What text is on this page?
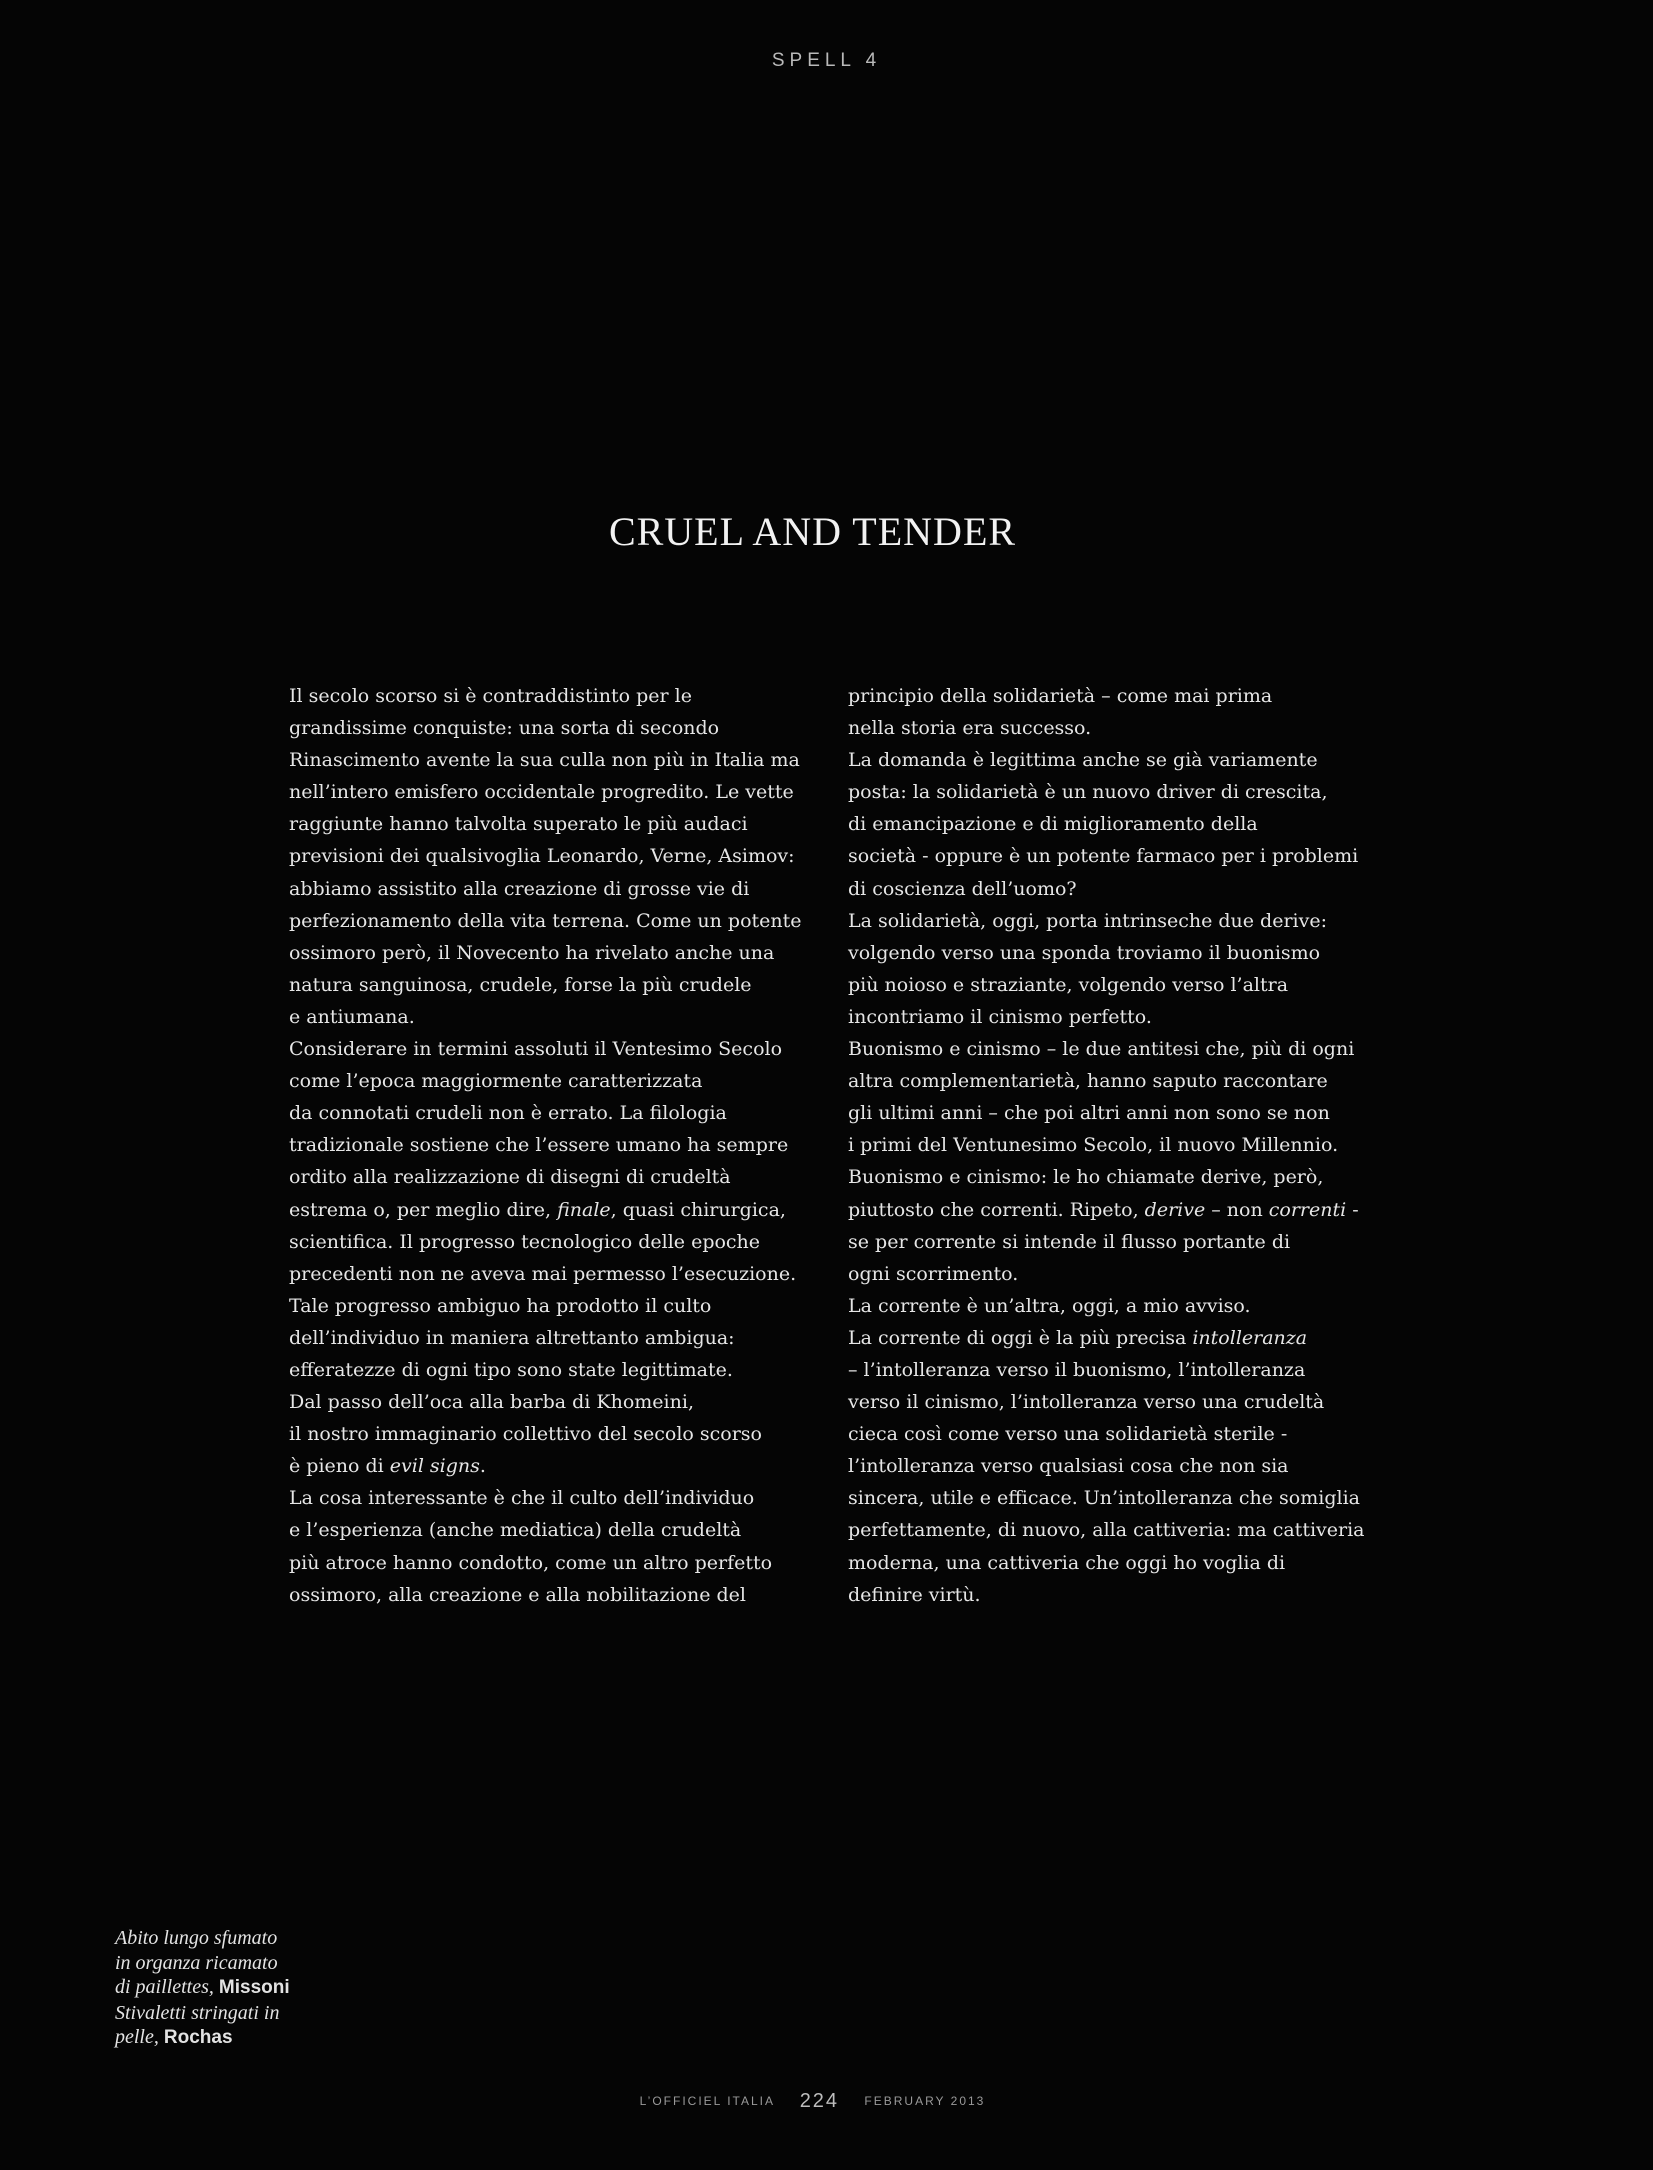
SPELL 4
CRUEL AND TENDER
Il secolo scorso si è contraddistinto per le
grandissime conquiste: una sorta di secondo
Rinascimento avente la sua culla non più in Italia ma
nell’intero emisfero occidentale progredito. Le vette
raggiunte hanno talvolta superato le più audaci
previsioni dei qualsivoglia Leonardo, Verne, Asimov:
abbiamo assistito alla creazione di grosse vie di
perfezionamento della vita terrena. Come un potente
ossimoro però, il Novecento ha rivelato anche una
natura sanguinosa, crudele, forse la più crudele
e antiumana.
Considerare in termini assoluti il Ventesimo Secolo
come l’epoca maggiormente caratterizzata
da connotati crudeli non è errato. La filologia
tradizionale sostiene che l’essere umano ha sempre
ordito alla realizzazione di disegni di crudeltà
estrema o, per meglio dire, finale, quasi chirurgica,
scientifica. Il progresso tecnologico delle epoche
precedenti non ne aveva mai permesso l’esecuzione.
Tale progresso ambiguo ha prodotto il culto
dell’individuo in maniera altrettanto ambigua:
efferatezze di ogni tipo sono state legittimate.
Dal passo dell’oca alla barba di Khomeini,
il nostro immaginario collettivo del secolo scorso
è pieno di evil signs.
La cosa interessante è che il culto dell’individuo
e l’esperienza (anche mediatica) della crudeltà
più atroce hanno condotto, come un altro perfetto
ossimoro, alla creazione e alla nobilitazione del
principio della solidarietà – come mai prima
nella storia era successo.
La domanda è legittima anche se già variamente
posta: la solidarietà è un nuovo driver di crescita,
di emancipazione e di miglioramento della
società - oppure è un potente farmaco per i problemi
di coscienza dell’uomo?
La solidarietà, oggi, porta intrinseche due derive:
volgendo verso una sponda troviamo il buonismo
più noioso e straziante, volgendo verso l’altra
incontriamo il cinismo perfetto.
Buonismo e cinismo – le due antitesi che, più di ogni
altra complementarietà, hanno saputo raccontare
gli ultimi anni – che poi altri anni non sono se non
i primi del Ventunesimo Secolo, il nuovo Millennio.
Buonismo e cinismo: le ho chiamate derive, però,
piuttosto che correnti. Ripeto, derive – non correnti -
se per corrente si intende il flusso portante di
ogni scorrimento.
La corrente è un’altra, oggi, a mio avviso.
La corrente di oggi è la più precisa intolleranza
– l’intolleranza verso il buonismo, l’intolleranza
verso il cinismo, l’intolleranza verso una crudeltà
cieca così come verso una solidarietà sterile -
l’intolleranza verso qualsiasi cosa che non sia
sincera, utile e efficace. Un’intolleranza che somiglia
perfettamente, di nuovo, alla cattiveria: ma cattiveria
moderna, una cattiveria che oggi ho voglia di
definire virtù.
Abito lungo sfumato
in organza ricamato
di paillettes, Missoni
Stivaletti stringati in
pelle, Rochas
L’OFFICIEL ITALIA 224 FEBRUARY 2013
